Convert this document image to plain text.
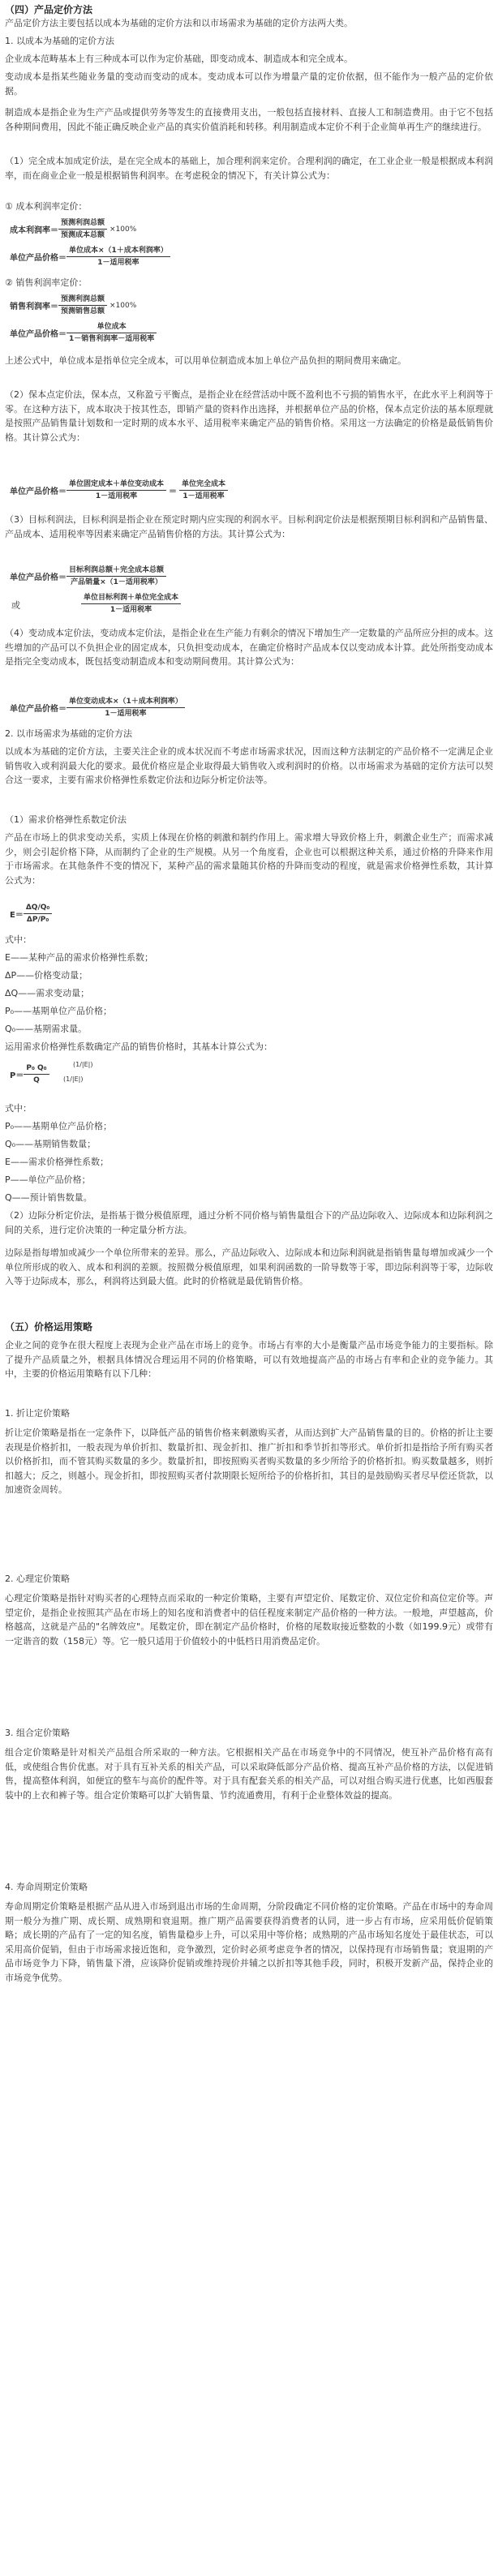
（四）产品定价方法

产品定价方法主要包括以成本为基础的定价方法和以市场需求为基础的定价方法两大类。

1. 以成本为基础的定价方法

企业成本范畴基本上有三种成本可以作为定价基础，即变动成本、制造成本和完全成本。

变动成本是指某些随业务量的变动而变动的成本。变动成本可以作为增量产量的定价依据，但不能作为一般产品的定价依据。

制造成本是指企业为生产产品或提供劳务等发生的直接费用支出，一般包括直接材料、直接人工和制造费用。由于它不包括各种期间费用，因此不能正确反映企业产品的真实价值消耗和转移。利用制造成本定价不利于企业简单再生产的继续进行。

（1）完全成本加成定价法，是在完全成本的基础上，加合理利润来定价。合理利润的确定，在工业企业一般是根据成本利润率，而在商业企业一般是根据销售利润率。在考虑税金的情况下，有关计算公式为：

① 成本利润率定价：

成本利润率＝ $\frac{\text{预测利润总额}}{\text{预测成本总额}} \times 100\%$
单位产品价格＝ $\frac{\text{单位成本×（1＋成本利润率）}}{\text{1－适用税率}}$

② 销售利润率定价：

销售利润率＝ $\frac{\text{预测利润总额}}{\text{预测销售总额}} \times 100\%$
单位产品价格＝ $\frac{\text{单位成本}}{\text{1－销售利润率－适用税率}}$

上述公式中，单位成本是指单位完全成本，可以用单位制造成本加上单位产品负担的期间费用来确定。

（2）保本点定价法，保本点，又称盈亏平衡点，是指企业在经营活动中既不盈利也不亏损的销售水平，在此水平上利润等于零。在这种方法下，成本取决于按其性态，即销产量的资料作出选择，并根据单位产品的价格，保本点定价法的基本原理就是按照产品销售量计划数和一定时期的成本水平、适用税率来确定产品的销售价格。采用这一方法确定的价格是最低销售价格。其计算公式为：

单位产品价格＝ $\frac{\text{单位固定成本＋单位变动成本}}{\text{1－适用税率}} = \frac{\text{单位完全成本}}{\text{1－适用税率}}$

（3）目标利润法，目标利润是指企业在预定时期内应实现的利润水平。目标利润定价法是根据预期目标利润和产品销售量、产品成本、适用税率等因素来确定产品销售价格的方法。其计算公式为：

单位产品价格＝ $\frac{\text{目标利润总额＋完全成本总额}}{\text{产品销量×（1－适用税率）}}$

或	$\frac{\text{单位目标利润＋单位完全成本}}{\text{1－适用税率}}$

（4）变动成本定价法，变动成本定价法，是指企业在生产能力有剩余的情况下增加生产一定数量的产品所应分担的成本。这些增加的产品可以不负担企业的固定成本，只负担变动成本，在确定价格时产品成本仅以变动成本计算。此处所指变动成本是指完全变动成本，既包括变动制造成本和变动期间费用。其计算公式为：

单位产品价格＝ $\frac{\text{单位变动成本×（1＋成本利润率）}}{\text{1－适用税率}}$

2. 以市场需求为基础的定价方法

以成本为基础的定价方法，主要关注企业的成本状况而不考虑市场需求状况，因而这种方法制定的产品价格不一定满足企业销售收入或利润最大化的要求。最优价格应是企业取得最大销售收入或利润时的价格。以市场需求为基础的定价方法可以契合这一要求，主要有需求价格弹性系数定价法和边际分析定价法等。

（1）需求价格弹性系数定价法

产品在市场上的供求变动关系，实质上体现在价格的刺激和制约作用上。需求增大导致价格上升，刺激企业生产；而需求减少，则会引起价格下降，从而制约了企业的生产规模。从另一个角度看，企业也可以根据这种关系，通过价格的升降来作用于市场需求。在其他条件不变的情况下，某种产品的需求量随其价格的升降而变动的程度，就是需求价格弹性系数，其计算公式为：

$E= \frac{\text{ΔQ/Q₀}}{\text{ΔP/P₀}}$

式中：

E——某种产品的需求价格弹性系数；

ΔP——价格变动量；

ΔQ——需求变动量；

P₀——基期单位产品价格；

Q₀——基期需求量。

运用需求价格弹性系数确定产品的销售价格时，其基本计算公式为：

$P= \frac{\text{P₀ Q₀}}{Q}$	(1/|E|)
(1/|E|)

式中：

P₀——基期单位产品价格；

Q₀——基期销售数量；

E——需求价格弹性系数；

P——单位产品价格；

Q——预计销售数量。

（2）边际分析定价法，是指基于微分极值原理，通过分析不同价格与销售量组合下的产品边际收入、边际成本和边际利润之间的关系，进行定价决策的一种定量分析方法。

边际是指每增加或减少一个单位所带来的差异。那么，产品边际收入、边际成本和边际利润就是指销售量每增加或减少一个单位所形成的收入、成本和利润的差额。按照微分极值原理，如果利润函数的一阶导数等于零，即边际利润等于零，边际收入等于边际成本，那么，利润将达到最大值。此时的价格就是最优销售价格。

（五）价格运用策略

企业之间的竞争在很大程度上表现为企业产品在市场上的竞争。市场占有率的大小是衡量产品市场竞争能力的主要指标。除了提升产品质量之外，根据具体情况合理运用不同的价格策略，可以有效地提高产品的市场占有率和企业的竞争能力。其中，主要的价格运用策略有以下几种：

1. 折让定价策略

折让定价策略是指在一定条件下，以降低产品的销售价格来刺激购买者，从而达到扩大产品销售量的目的。价格的折让主要表现是价格折扣，一般表现为单价折扣、数量折扣、现金折扣、推广折扣和季节折扣等形式。单价折扣是指给予所有购买者以价格折扣，而不管其购买数量的多少。数量折扣，即按照购买者购买数量的多少所给予的价格折扣。购买数量越多，则折扣越大；反之，则越小。现金折扣，即按照购买者付款期限长短所给予的价格折扣，其目的是鼓励购买者尽早偿还货款，以加速资金周转。

2. 心理定价策略

心理定价策略是指针对购买者的心理特点而采取的一种定价策略，主要有声望定价、尾数定价、双位定价和高位定价等。声望定价，是指企业按照其产品在市场上的知名度和消费者中的信任程度来制定产品价格的一种方法。一般地，声望越高，价格越高，这就是产品的"名牌效应"。尾数定价，即在制定产品价格时，价格的尾数取接近整数的小数（如199.9元）或带有一定谐音的数（158元）等。它一般只适用于价值较小的中低档日用消费品定价。

3. 组合定价策略

组合定价策略是针对相关产品组合所采取的一种方法。它根据相关产品在市场竞争中的不同情况，使互补产品价格有高有低，或使组合售价优惠。对于具有互补关系的相关产品，可以采取降低部分产品价格、提高互补产品价格的方法，以促进销售，提高整体利润，如便宜的整车与高价的配件等。对于具有配套关系的相关产品，可以对组合购买进行优惠，比如西服套装中的上衣和裤子等。组合定价策略可以扩大销售量、节约流通费用，有利于企业整体效益的提高。

4. 寿命周期定价策略

寿命周期定价策略是根据产品从进入市场到退出市场的生命周期，分阶段确定不同价格的定价策略。产品在市场中的寿命周期一般分为推广期、成长期、成熟期和衰退期。推广期产品需要获得消费者的认同，进一步占有市场，应采用低价促销策略；成长期的产品有了一定的知名度，销售量稳步上升，可以采用中等价格；成熟期的产品市场知名度处于最佳状态，可以采用高价促销，但由于市场需求接近饱和，竞争激烈，定价时必须考虑竞争者的情况，以保持现有市场销售量；衰退期的产品市场竞争力下降，销售量下滑，应该降价促销或维持现价并辅之以折扣等其他手段，同时，积极开发新产品，保持企业的市场竞争优势。
